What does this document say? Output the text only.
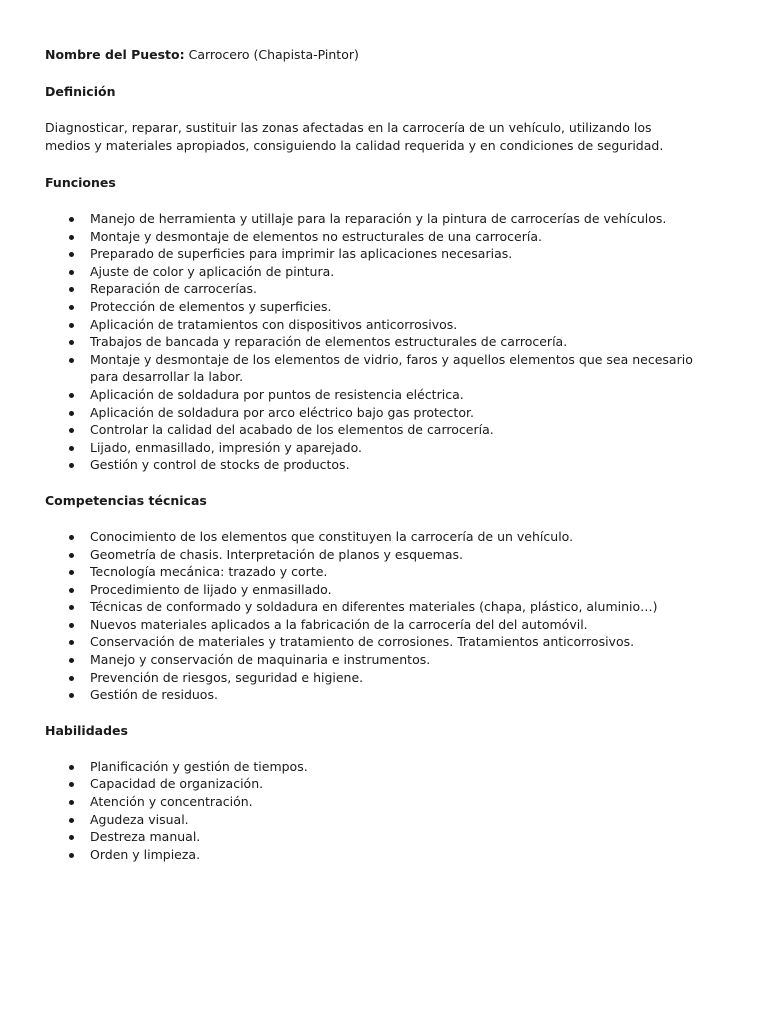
Nombre del Puesto: Carrocero (Chapista-Pintor)
Definición

Diagnosticar, reparar, sustituir las zonas afectadas en la carrocería de un vehículo, utilizando los medios y materiales apropiados, consiguiendo la calidad requerida y en condiciones de seguridad.

Funciones
Manejo de herramienta y utillaje para la reparación y la pintura de carrocerías de vehículos.
Montaje y desmontaje de elementos no estructurales de una carrocería.
Preparado de superficies para imprimir las aplicaciones necesarias.
Ajuste de color y aplicación de pintura.
Reparación de carrocerías.
Protección de elementos y superficies.
Aplicación de tratamientos con dispositivos anticorrosivos.
Trabajos de bancada y reparación de elementos estructurales de carrocería.
Montaje y desmontaje de los elementos de vidrio, faros y aquellos elementos que sea necesario para desarrollar la labor.
Aplicación de soldadura por puntos de resistencia eléctrica.
Aplicación de soldadura por arco eléctrico bajo gas protector.
Controlar la calidad del acabado de los elementos de carrocería.
Lijado, enmasillado, impresión y aparejado.
Gestión y control de stocks de productos.
Competencias técnicas
Conocimiento de los elementos que constituyen la carrocería de un vehículo.
Geometría de chasis. Interpretación de planos y esquemas.
Tecnología mecánica: trazado y corte.
Procedimiento de lijado y enmasillado.
Técnicas de conformado y soldadura en diferentes materiales (chapa, plástico, aluminio…)
Nuevos materiales aplicados a la fabricación de la carrocería del del automóvil.
Conservación de materiales y tratamiento de corrosiones. Tratamientos anticorrosivos.
Manejo y conservación de maquinaria e instrumentos.
Prevención de riesgos, seguridad e higiene.
Gestión de residuos.
Habilidades
Planificación y gestión de tiempos.
Capacidad de organización.
Atención y concentración.
Agudeza visual.
Destreza manual.
Orden y limpieza.
